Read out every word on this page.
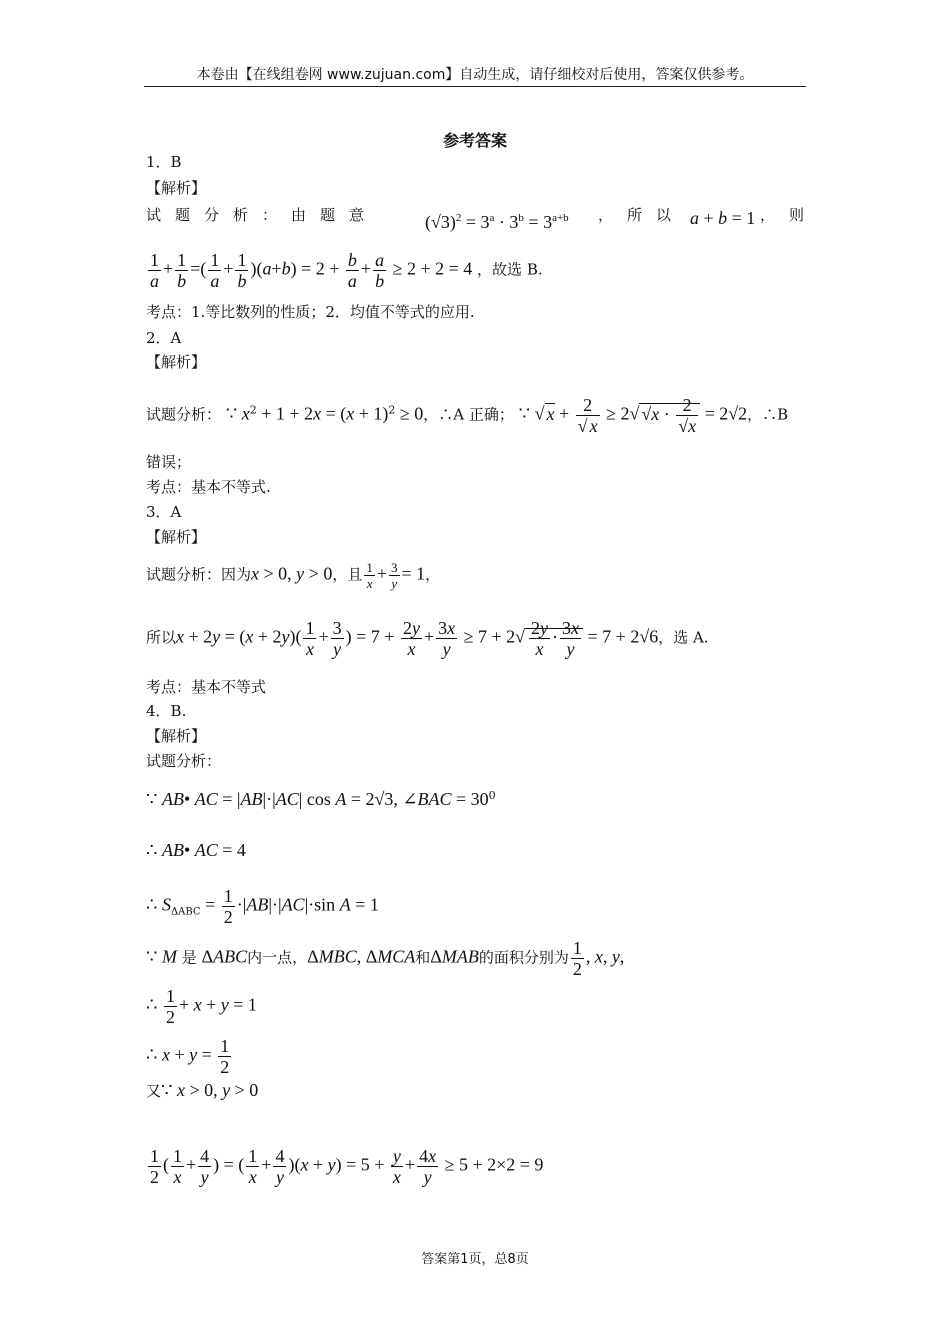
本卷由【在线组卷网 www.zujuan.com】自动生成，请仔细校对后使用，答案仅供参考。
参考答案
1．B
【解析】
试题分析：由题意	$(√3)^2 = 3^a \cdot 3^b = 3^{a+b}$ ，所以 a + b = 1 ，则
$\frac{1}{a} + \frac{1}{b}$ =( $\frac{1}{a} + \frac{1}{b} )(a+b) = 2 + \frac{b}{a} + \frac{a}{b} \ge 2 + 2 = 4$ ，故选 B.
考点：1.等比数列的性质；2．均值不等式的应用.
2．A
【解析】
试题分析： ∵ $x^2 + 1 + 2x = (x + 1)^2 \ge 0$，∴A 正确； ∵ √ $x + \frac{2}{√ x} \ge 2√$ $√x \cdot \frac{2}{√x} = 2√2$，∴B
错误；
考点：基本不等式.
3．A
【解析】
试题分析：因为x > 0, y > 0，且 $\frac{1}{x} + \frac{3}{y} = 1$，
所以$x + 2y = (x + 2y)( \frac{1}{x} + \frac{3}{y}$ ) = $7 + \frac{2y}{x} + \frac{3x}{y} \ge 7 + 2√ \frac{2y}{x} \cdot \frac{3x}{y} = 7 + 2√6$，选 A.
考点：基本不等式
4．B.
【解析】
试题分析：
∵ AB• AC = |AB|·|AC| cos A = 2√3, ∠BAC = $30^0$
∴ AB• AC = 4
∴ $S_{\Delta ABC} = \frac{1}{2} \cdot|AB|\cdot|AC|\cdot\sin$ A = 1
∵ M 是 ΔABC内一点，ΔMBC, ΔMCA和ΔMAB的面积分别为 $\frac{1}{2}$ , x, y,
∴ $\frac{1}{2} + x + y = 1$
∴ $x + y = \frac{1}{2}$
又∵ x > 0, y > 0
$\frac{1}{2}$ ( $\frac{1}{x} + \frac{4}{y}$ ) = ( $\frac{1}{x} + \frac{4}{y} )(x + y) = 5 + \frac{y}{x} + \frac{4x}{y} \ge 5 + 2\times 2 = 9$
答案第1页，总8页
